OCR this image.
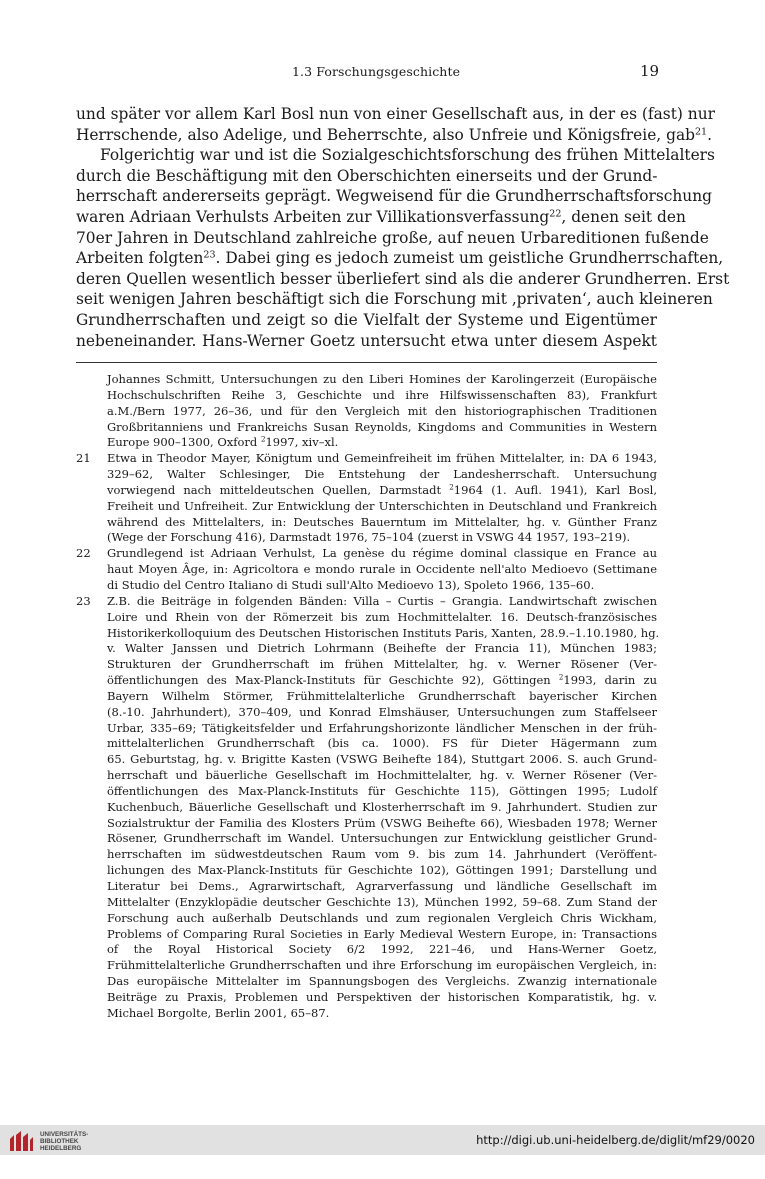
1.3 Forschungsgeschichte	19
und später vor allem Karl Bosl nun von einer Gesellschaft aus, in der es (fast) nur
Herrschende, also Adelige, und Beherrschte, also Unfreie und Königsfreie, gab$^{21}$.
Folgerichtig war und ist die Sozialgeschichtsforschung des frühen Mittelalters
durch die Beschäftigung mit den Oberschichten einerseits und der Grund-
herrschaft andererseits geprägt. Wegweisend für die Grundherrschaftsforschung
waren Adriaan Verhulsts Arbeiten zur Villikationsverfassung$^{22}$, denen seit den
70er Jahren in Deutschland zahlreiche große, auf neuen Urbareditionen fußende
Arbeiten folgten$^{23}$. Dabei ging es jedoch zumeist um geistliche Grundherrschaften,
deren Quellen wesentlich besser überliefert sind als die anderer Grundherren. Erst
seit wenigen Jahren beschäftigt sich die Forschung mit ‚privaten‘, auch kleineren
Grundherrschaften und zeigt so die Vielfalt der Systeme und Eigentümer
nebeneinander. Hans-Werner Goetz untersucht etwa unter diesem Aspekt
Johannes Schmitt, Untersuchungen zu den Liberi Homines der Karolingerzeit (Europäische
Hochschulschriften Reihe 3, Geschichte und ihre Hilfswissenschaften 83), Frankfurt
a.M./Bern 1977, 26–36, und für den Vergleich mit den historiographischen Traditionen
Großbritanniens und Frankreichs Susan Reynolds, Kingdoms and Communities in Western
Europe 900–1300, Oxford $^2$1997, xiv–xl.
21 Etwa in Theodor Mayer, Königtum und Gemeinfreiheit im frühen Mittelalter, in: DA 6 1943,
329–62, Walter Schlesinger, Die Entstehung der Landesherrschaft. Untersuchung
vorwiegend nach mitteldeutschen Quellen, Darmstadt $^2$1964 (1. Aufl. 1941), Karl Bosl,
Freiheit und Unfreiheit. Zur Entwicklung der Unterschichten in Deutschland und Frankreich
während des Mittelalters, in: Deutsches Bauerntum im Mittelalter, hg. v. Günther Franz
(Wege der Forschung 416), Darmstadt 1976, 75–104 (zuerst in VSWG 44 1957, 193–219).
22 Grundlegend ist Adriaan Verhulst, La genèse du régime dominal classique en France au
haut Moyen Âge, in: Agricoltora e mondo rurale in Occidente nell'alto Medioevo (Settimane
di Studio del Centro Italiano di Studi sull'Alto Medioevo 13), Spoleto 1966, 135–60.
23 Z.B. die Beiträge in folgenden Bänden: Villa – Curtis – Grangia. Landwirtschaft zwischen
Loire und Rhein von der Römerzeit bis zum Hochmittelalter. 16. Deutsch-französisches
Historikerkolloquium des Deutschen Historischen Instituts Paris, Xanten, 28.9.–1.10.1980, hg.
v. Walter Janssen und Dietrich Lohrmann (Beihefte der Francia 11), München 1983;
Strukturen der Grundherrschaft im frühen Mittelalter, hg. v. Werner Rösener (Ver-
öffentlichungen des Max-Planck-Instituts für Geschichte 92), Göttingen $^2$1993, darin zu
Bayern Wilhelm Störmer, Frühmittelalterliche Grundherrschaft bayerischer Kirchen
(8.-10. Jahrhundert), 370–409, und Konrad Elmshäuser, Untersuchungen zum Staffelseer
Urbar, 335–69; Tätigkeitsfelder und Erfahrungshorizonte ländlicher Menschen in der früh-
mittelalterlichen Grundherrschaft (bis ca. 1000). FS für Dieter Hägermann zum
65. Geburtstag, hg. v. Brigitte Kasten (VSWG Beihefte 184), Stuttgart 2006. S. auch Grund-
herrschaft und bäuerliche Gesellschaft im Hochmittelalter, hg. v. Werner Rösener (Ver-
öffentlichungen des Max-Planck-Instituts für Geschichte 115), Göttingen 1995; Ludolf
Kuchenbuch, Bäuerliche Gesellschaft und Klosterherrschaft im 9. Jahrhundert. Studien zur
Sozialstruktur der Familia des Klosters Prüm (VSWG Beihefte 66), Wiesbaden 1978; Werner
Rösener, Grundherrschaft im Wandel. Untersuchungen zur Entwicklung geistlicher Grund-
herrschaften im südwestdeutschen Raum vom 9. bis zum 14. Jahrhundert (Veröffent-
lichungen des Max-Planck-Instituts für Geschichte 102), Göttingen 1991; Darstellung und
Literatur bei Dems., Agrarwirtschaft, Agrarverfassung und ländliche Gesellschaft im
Mittelalter (Enzyklopädie deutscher Geschichte 13), München 1992, 59–68. Zum Stand der
Forschung auch außerhalb Deutschlands und zum regionalen Vergleich Chris Wickham,
Problems of Comparing Rural Societies in Early Medieval Western Europe, in: Transactions
of the Royal Historical Society 6/2 1992, 221–46, und Hans-Werner Goetz,
Frühmittelalterliche Grundherrschaften und ihre Erforschung im europäischen Vergleich, in:
Das europäische Mittelalter im Spannungsbogen des Vergleichs. Zwanzig internationale
Beiträge zu Praxis, Problemen und Perspektiven der historischen Komparatistik, hg. v.
Michael Borgolte, Berlin 2001, 65–87.
UNIVERSITÄTS-
BIBLIOTHEK
HEIDELBERG
http://digi.ub.uni-heidelberg.de/diglit/mf29/0020
